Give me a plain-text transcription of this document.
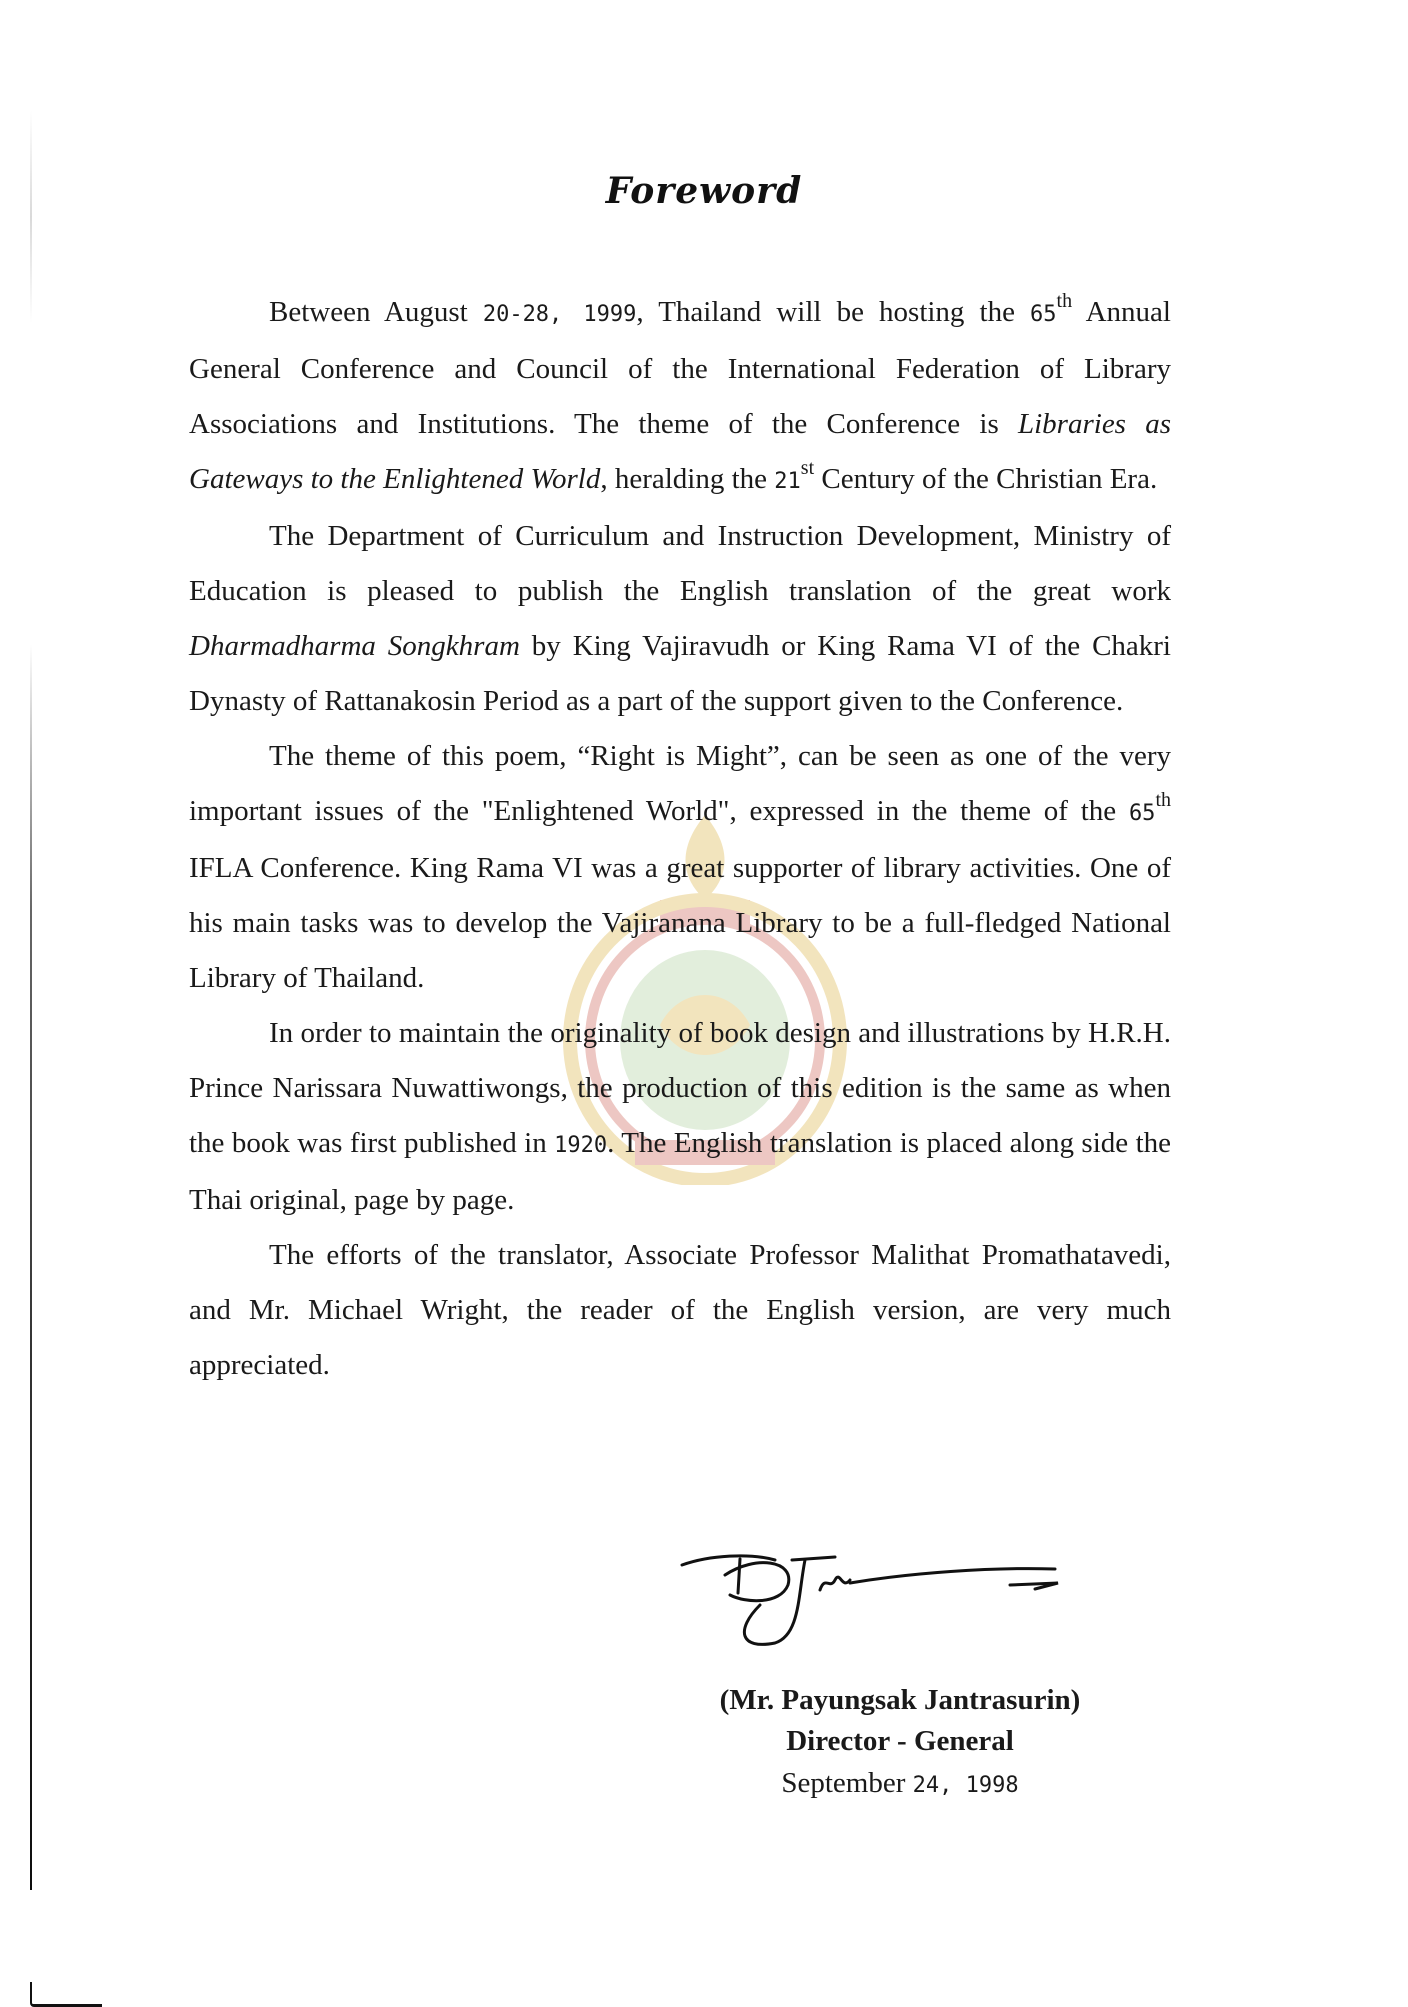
Foreword

Between August 20-28, 1999, Thailand will be hosting the 65th Annual General Conference and Council of the International Federation of Library Associations and Institutions. The theme of the Conference is Libraries as Gateways to the Enlightened World, heralding the 21st Century of the Christian Era.

The Department of Curriculum and Instruction Development, Ministry of Education is pleased to publish the English translation of the great work Dharmadharma Songkhram by King Vajiravudh or King Rama VI of the Chakri Dynasty of Rattanakosin Period as a part of the support given to the Conference.

The theme of this poem, “Right is Might”, can be seen as one of the very important issues of the "Enlightened World", expressed in the theme of the 65th IFLA Conference. King Rama VI was a great supporter of library activities. One of his main tasks was to develop the Vajiranana Library to be a full-fledged National Library of Thailand.

In order to maintain the originality of book design and illustrations by H.R.H. Prince Narissara Nuwattiwongs, the production of this edition is the same as when the book was first published in 1920. The English translation is placed along side the Thai original, page by page.

The efforts of the translator, Associate Professor Malithat Promathatavedi, and Mr. Michael Wright, the reader of the English version, are very much appreciated.

(Mr. Payungsak Jantrasurin)
Director - General
September 24, 1998
